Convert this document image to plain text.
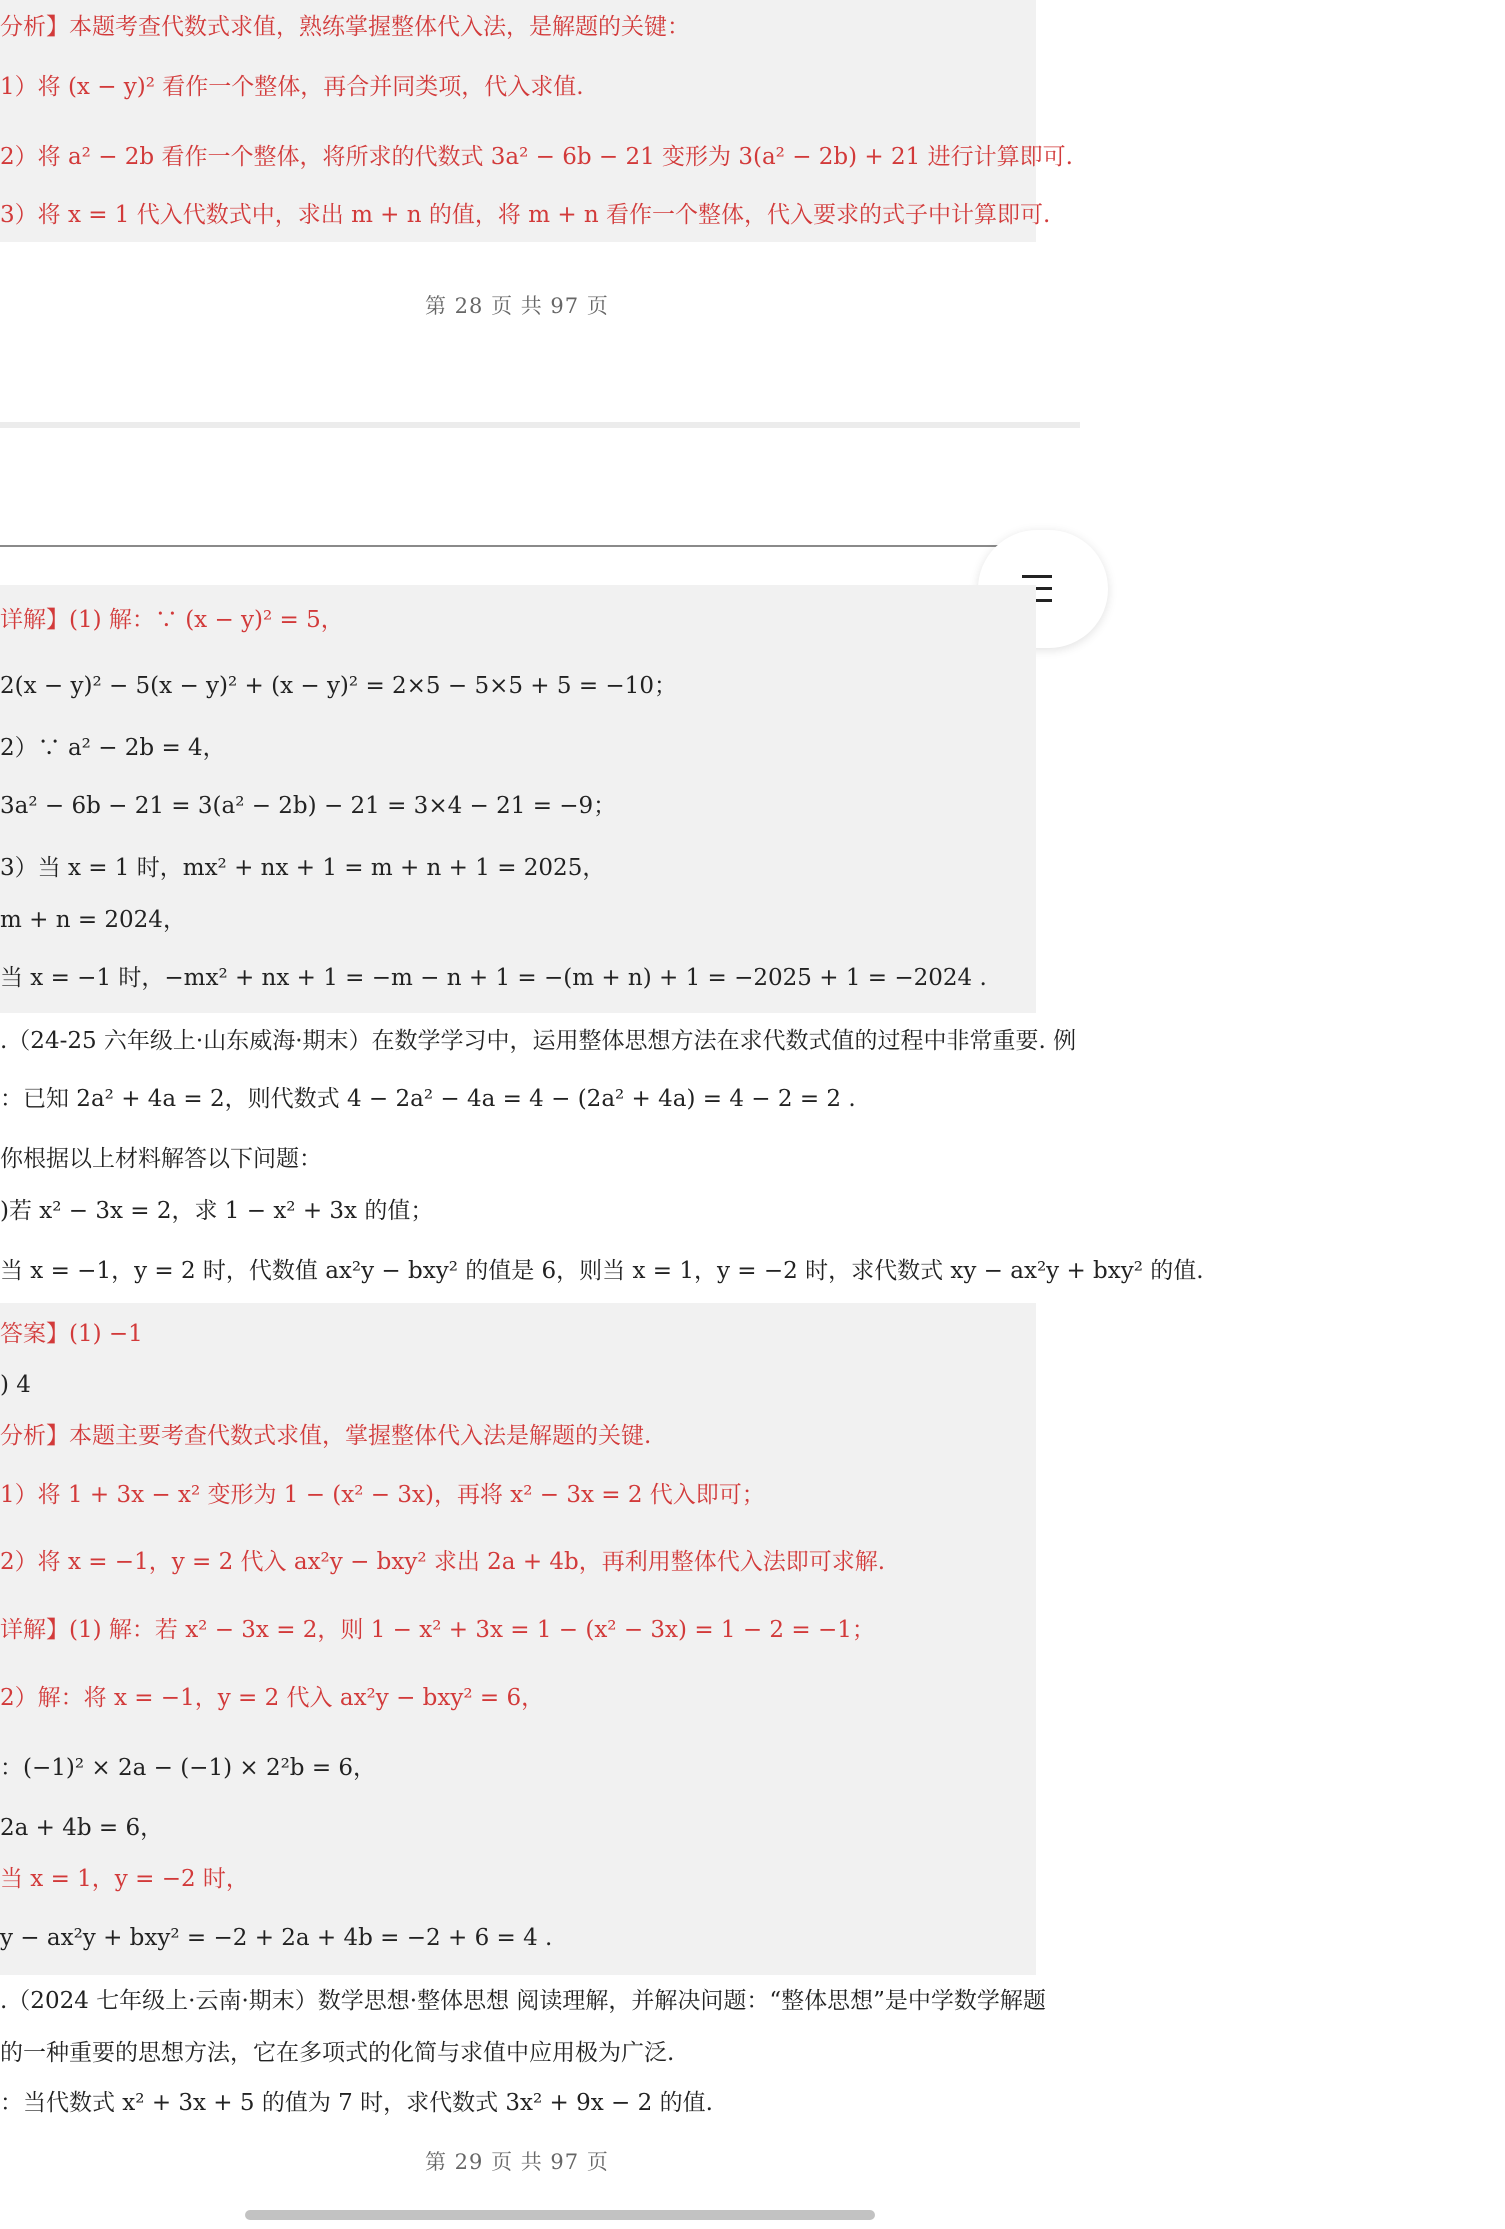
分析】本题考查代数式求值，熟练掌握整体代入法，是解题的关键：
1）将 (x − y)² 看作一个整体，再合并同类项，代入求值.
2）将 a² − 2b 看作一个整体，将所求的代数式 3a² − 6b − 21 变形为 3(a² − 2b) + 21 进行计算即可.
3）将 x = 1 代入代数式中，求出 m + n 的值，将 m + n 看作一个整体，代入要求的式子中计算即可.
第 28 页 共 97 页
详解】(1) 解：∵ (x − y)² = 5，
2(x − y)² − 5(x − y)² + (x − y)² = 2×5 − 5×5 + 5 = −10；
2）∵ a² − 2b = 4，
3a² − 6b − 21 = 3(a² − 2b) − 21 = 3×4 − 21 = −9；
3）当 x = 1 时，mx² + nx + 1 = m + n + 1 = 2025，
m + n = 2024，
当 x = −1 时，−mx² + nx + 1 = −m − n + 1 = −(m + n) + 1 = −2025 + 1 = −2024 .
.（24-25 六年级上·山东威海·期末）在数学学习中，运用整体思想方法在求代数式值的过程中非常重要. 例
：已知 2a² + 4a = 2，则代数式 4 − 2a² − 4a = 4 − (2a² + 4a) = 4 − 2 = 2 .
你根据以上材料解答以下问题：
)若 x² − 3x = 2，求 1 − x² + 3x 的值；
当 x = −1，y = 2 时，代数值 ax²y − bxy² 的值是 6，则当 x = 1，y = −2 时，求代数式 xy − ax²y + bxy² 的值.
答案】(1) −1
) 4
分析】本题主要考查代数式求值，掌握整体代入法是解题的关键.
1）将 1 + 3x − x² 变形为 1 − (x² − 3x)，再将 x² − 3x = 2 代入即可；
2）将 x = −1，y = 2 代入 ax²y − bxy² 求出 2a + 4b，再利用整体代入法即可求解.
详解】(1) 解：若 x² − 3x = 2，则 1 − x² + 3x = 1 − (x² − 3x) = 1 − 2 = −1；
2）解：将 x = −1，y = 2 代入 ax²y − bxy² = 6，
：(−1)² × 2a − (−1) × 2²b = 6，
2a + 4b = 6，
当 x = 1，y = −2 时，
y − ax²y + bxy² = −2 + 2a + 4b = −2 + 6 = 4 .
.（2024 七年级上·云南·期末）数学思想·整体思想 阅读理解，并解决问题：“整体思想”是中学数学解题
的一种重要的思想方法，它在多项式的化简与求值中应用极为广泛.
：当代数式 x² + 3x + 5 的值为 7 时，求代数式 3x² + 9x − 2 的值.
第 29 页 共 97 页
